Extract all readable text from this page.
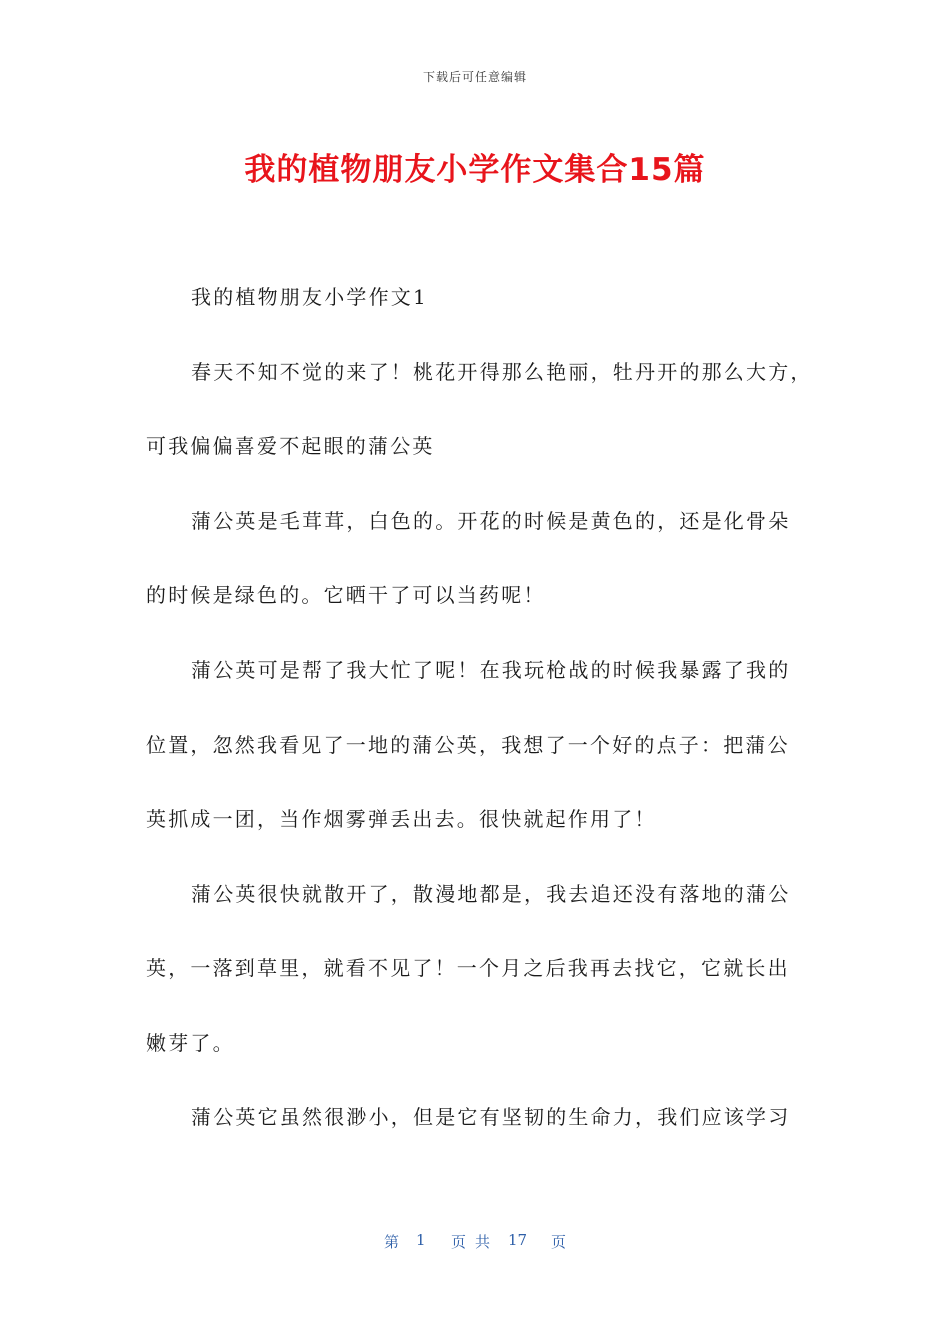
下载后可任意编辑
我的植物朋友小学作文集合15篇
我的植物朋友小学作文1
春天不知不觉的来了！桃花开得那么艳丽，牡丹开的那么大方，
可我偏偏喜爱不起眼的蒲公英
蒲公英是毛茸茸，白色的。开花的时候是黄色的，还是化骨朵
的时候是绿色的。它晒干了可以当药呢！
蒲公英可是帮了我大忙了呢！在我玩枪战的时候我暴露了我的
位置，忽然我看见了一地的蒲公英，我想了一个好的点子：把蒲公
英抓成一团，当作烟雾弹丢出去。很快就起作用了！
蒲公英很快就散开了，散漫地都是，我去追还没有落地的蒲公
英，一落到草里，就看不见了！一个月之后我再去找它，它就长出
嫩芽了。
蒲公英它虽然很渺小，但是它有坚韧的生命力，我们应该学习
第 1 页共 17 页
